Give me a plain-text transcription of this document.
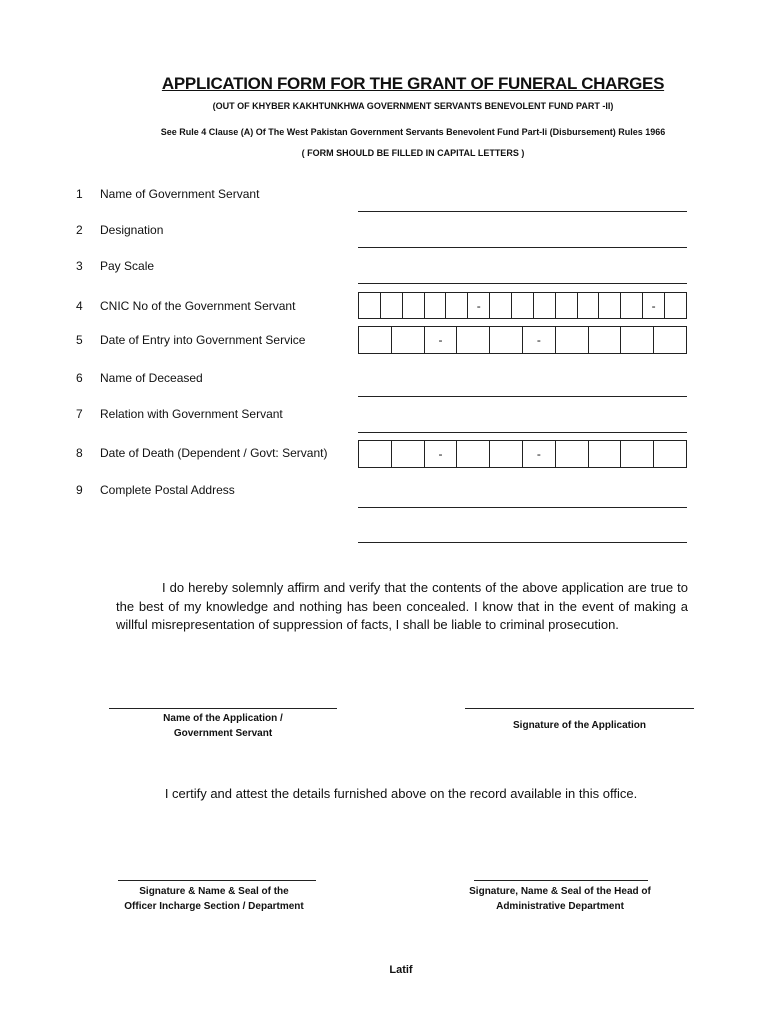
APPLICATION FORM FOR THE GRANT OF FUNERAL CHARGES
(OUT OF KHYBER KAKHTUNKHWA GOVERNMENT SERVANTS BENEVOLENT FUND PART -II)
See Rule 4 Clause (A) Of The West Pakistan Government Servants Benevolent Fund Part-Ii (Disbursement) Rules 1966
( FORM SHOULD BE FILLED IN CAPITAL LETTERS )
1 Name of Government Servant
2 Designation
3 Pay Scale
4 CNIC No of the Government Servant	-	-
5 Date of Entry into Government Service	-	-
6 Name of Deceased
7 Relation with Government Servant
8 Date of Death (Dependent / Govt: Servant)	-	-
9 Complete Postal Address
I do hereby solemnly affirm and verify that the contents of the above application are true to the best of my knowledge and nothing has been concealed. I know that in the event of making a willful misrepresentation of suppression of facts, I shall be liable to criminal prosecution.
Name of the Application /
Government Servant
Signature of the Application
I certify and attest the details furnished above on the record available in this office.
Signature & Name & Seal of the
Officer Incharge Section / Department
Signature, Name & Seal of the Head of
Administrative Department
Latif
